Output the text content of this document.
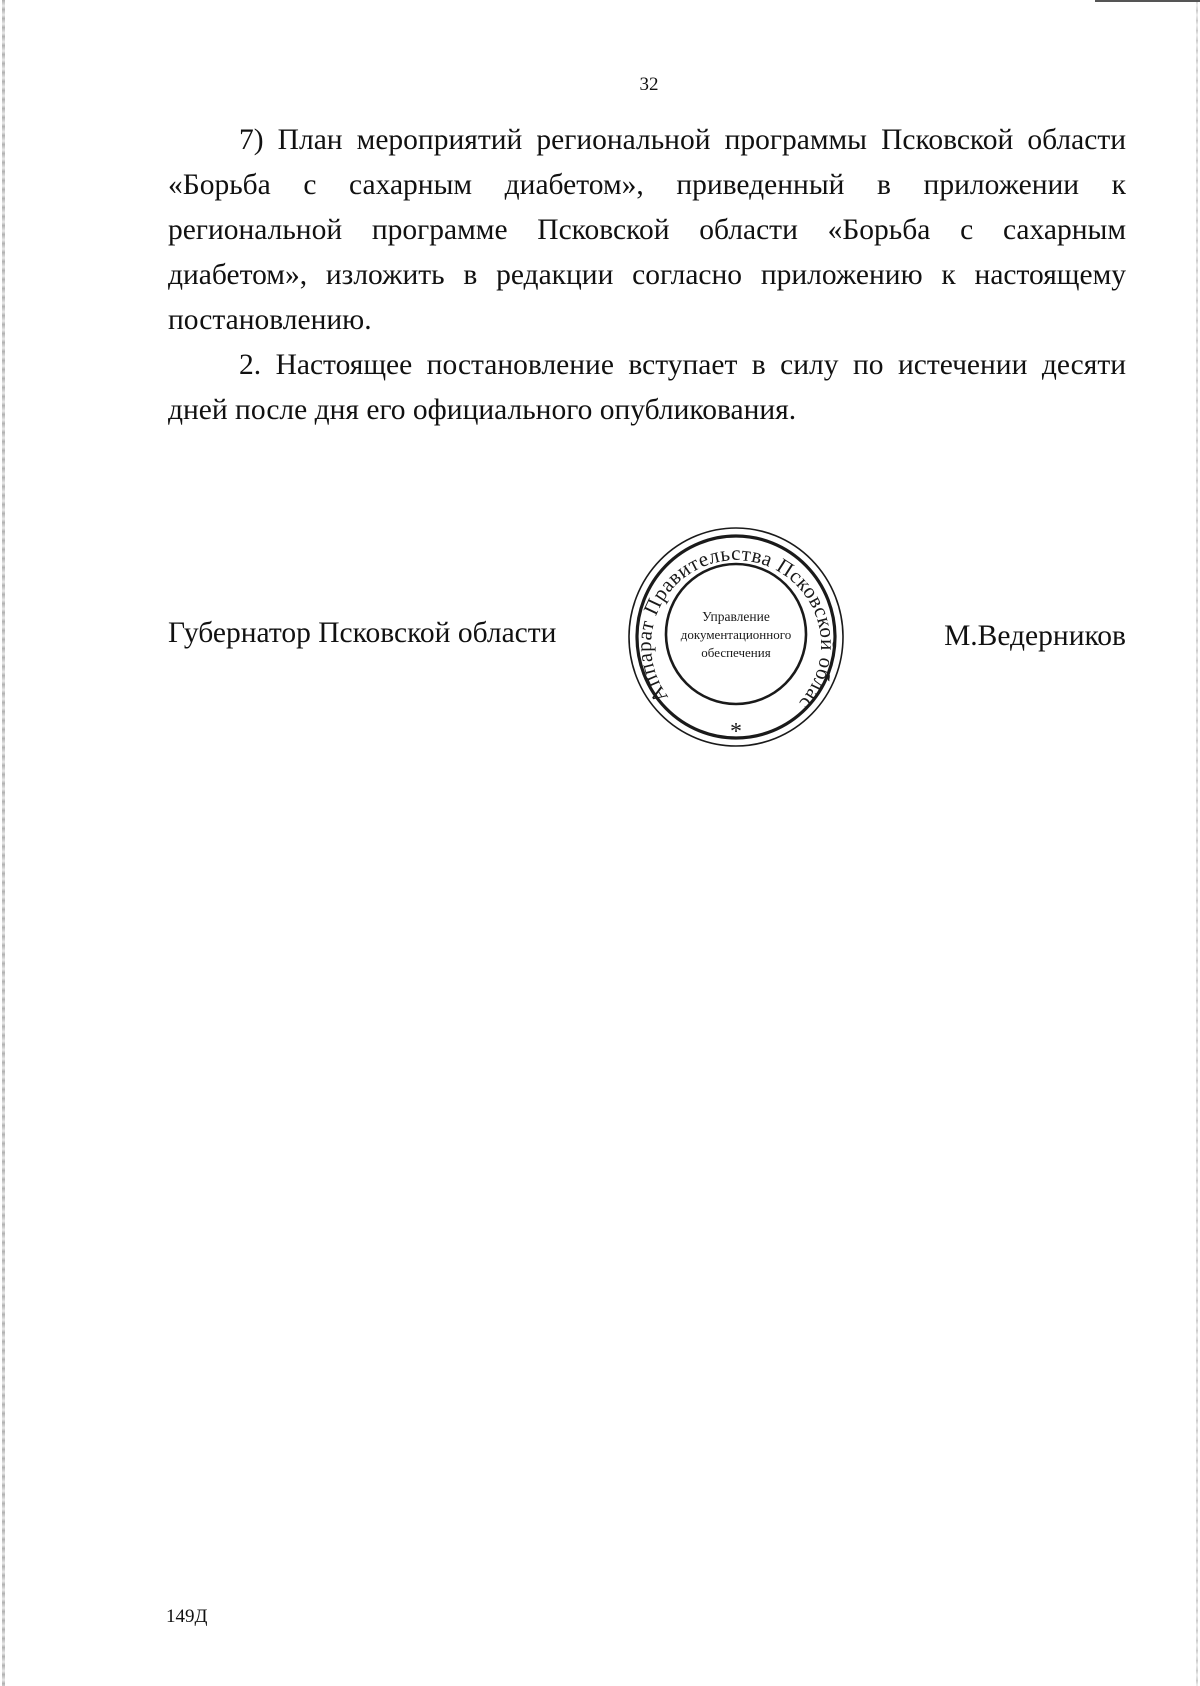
32

7) План мероприятий региональной программы Псковской области «Борьба с сахарным диабетом», приведенный в приложении к региональной программе Псковской области «Борьба с сахарным диабетом», изложить в редакции согласно приложению к настоящему постановлению.

2. Настоящее постановление вступает в силу по истечении десяти дней после дня его официального опубликования.

Губернатор Псковской области	М.Ведерников
Аппарат Правительства Псковской облас
Управление
документационного
обеспечения
*
149Д
